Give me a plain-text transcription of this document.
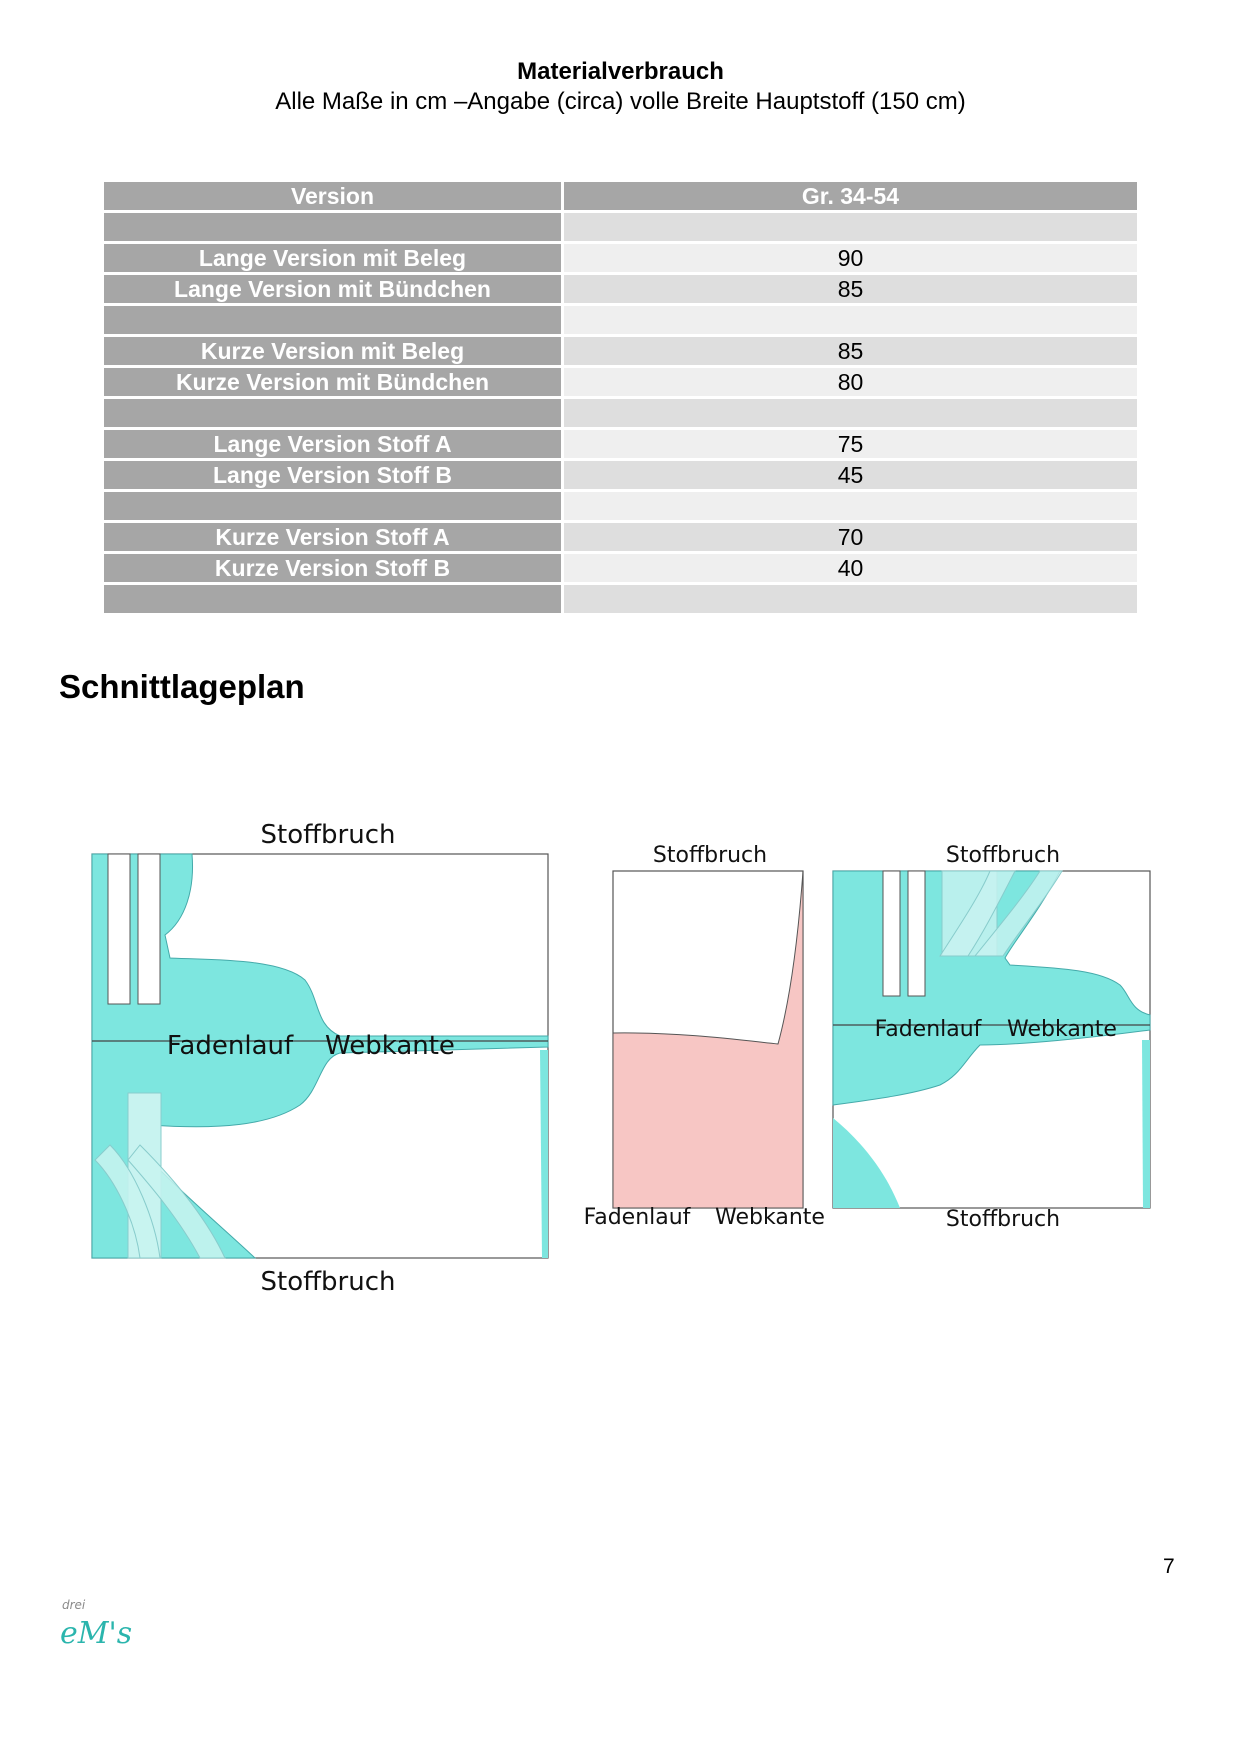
Materialverbrauch
Alle Maße in cm –Angabe (circa) volle Breite Hauptstoff (150 cm)
Version	Gr. 34-54

Lange Version mit Beleg	90
Lange Version mit Bündchen	85

Kurze Version mit Beleg	85
Kurze Version mit Bündchen	80

Lange Version Stoff A	75
Lange Version Stoff B	45

Kurze Version Stoff A	70
Kurze Version Stoff B	40

Schnittlageplan
Stoffbruch
Stoffbruch
Fadenlauf Webkante
Stoffbruch
Fadenlauf Webkante
Stoffbruch
Stoffbruch
Fadenlauf Webkante
7
drei
eM's
